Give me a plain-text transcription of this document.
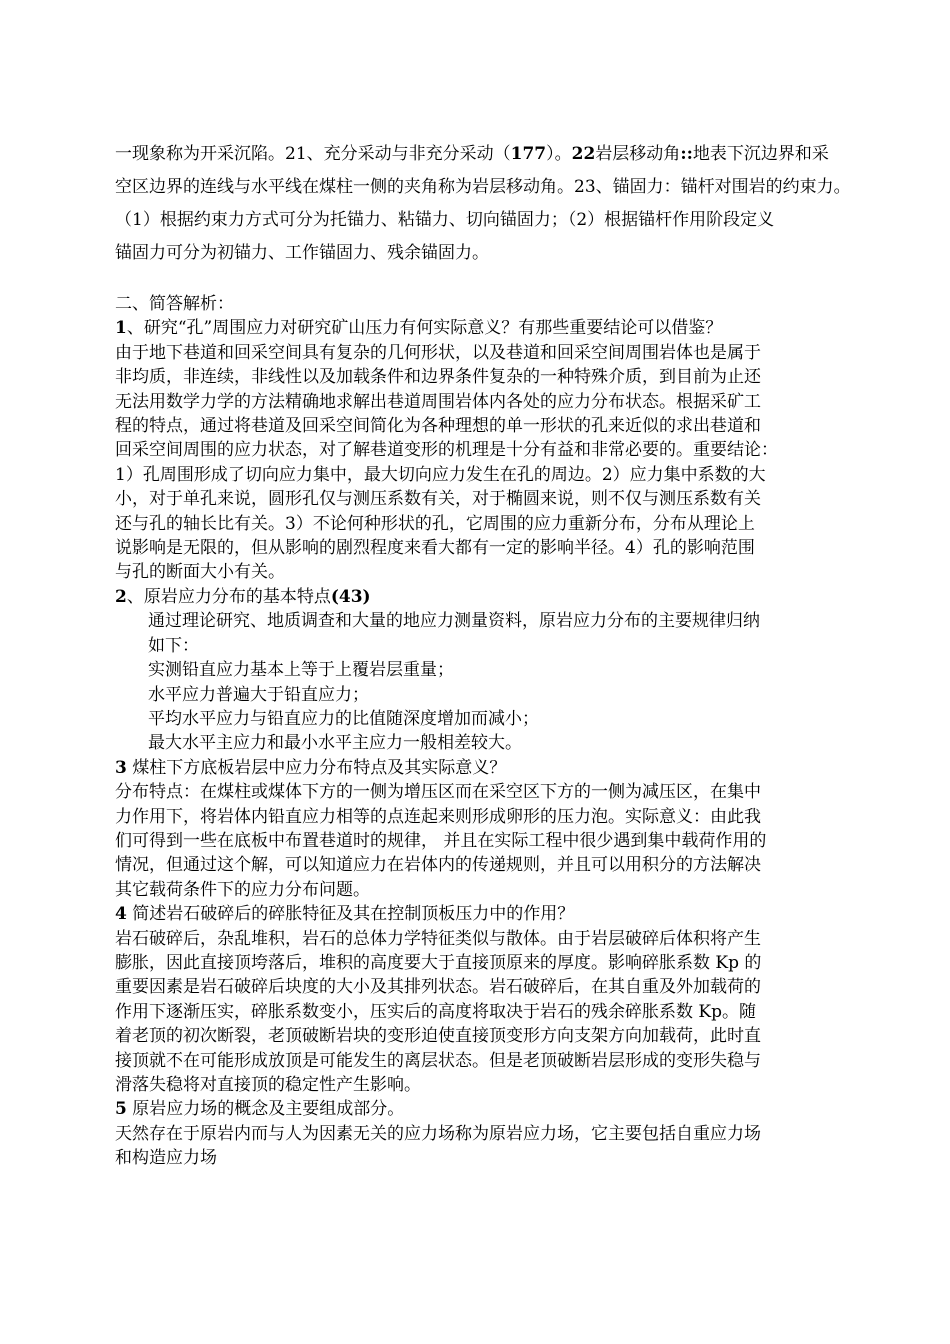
一现象称为开采沉陷。21、充分采动与非充分采动（177）。22岩层移动角::地表下沉边界和采
空区边界的连线与水平线在煤柱一侧的夹角称为岩层移动角。23、锚固力：锚杆对围岩的约束力。
（1）根据约束力方式可分为托锚力、粘锚力、切向锚固力；（2）根据锚杆作用阶段定义
锚固力可分为初锚力、工作锚固力、残余锚固力。
二、简答解析：
1、研究“孔”周围应力对研究矿山压力有何实际意义？有那些重要结论可以借鉴？
由于地下巷道和回采空间具有复杂的几何形状，以及巷道和回采空间周围岩体也是属于
非均质，非连续，非线性以及加载条件和边界条件复杂的一种特殊介质，到目前为止还
无法用数学力学的方法精确地求解出巷道周围岩体内各处的应力分布状态。根据采矿工
程的特点，通过将巷道及回采空间简化为各种理想的单一形状的孔来近似的求出巷道和
回采空间周围的应力状态，对了解巷道变形的机理是十分有益和非常必要的。重要结论：
1）孔周围形成了切向应力集中，最大切向应力发生在孔的周边。2）应力集中系数的大
小，对于单孔来说，圆形孔仅与测压系数有关，对于椭圆来说，则不仅与测压系数有关
还与孔的轴长比有关。3）不论何种形状的孔，它周围的应力重新分布，分布从理论上
说影响是无限的，但从影响的剧烈程度来看大都有一定的影响半径。4）孔的影响范围
与孔的断面大小有关。
2、原岩应力分布的基本特点(43)
通过理论研究、地质调查和大量的地应力测量资料，原岩应力分布的主要规律归纳
如下：
实测铅直应力基本上等于上覆岩层重量；
水平应力普遍大于铅直应力；
平均水平应力与铅直应力的比值随深度增加而减小；
最大水平主应力和最小水平主应力一般相差较大。
3 煤柱下方底板岩层中应力分布特点及其实际意义？
分布特点：在煤柱或煤体下方的一侧为增压区而在采空区下方的一侧为减压区，在集中
力作用下，将岩体内铅直应力相等的点连起来则形成卵形的压力泡。实际意义：由此我
们可得到一些在底板中布置巷道时的规律， 并且在实际工程中很少遇到集中载荷作用的
情况，但通过这个解，可以知道应力在岩体内的传递规则，并且可以用积分的方法解决
其它载荷条件下的应力分布问题。
4 简述岩石破碎后的碎胀特征及其在控制顶板压力中的作用？
岩石破碎后，杂乱堆积，岩石的总体力学特征类似与散体。由于岩层破碎后体积将产生
膨胀，因此直接顶垮落后，堆积的高度要大于直接顶原来的厚度。影响碎胀系数 Kp 的
重要因素是岩石破碎后块度的大小及其排列状态。岩石破碎后，在其自重及外加载荷的
作用下逐渐压实，碎胀系数变小，压实后的高度将取决于岩石的残余碎胀系数 Kp。随
着老顶的初次断裂，老顶破断岩块的变形迫使直接顶变形方向支架方向加载荷，此时直
接顶就不在可能形成放顶是可能发生的离层状态。但是老顶破断岩层形成的变形失稳与
滑落失稳将对直接顶的稳定性产生影响。
5 原岩应力场的概念及主要组成部分。
天然存在于原岩内而与人为因素无关的应力场称为原岩应力场，它主要包括自重应力场
和构造应力场
